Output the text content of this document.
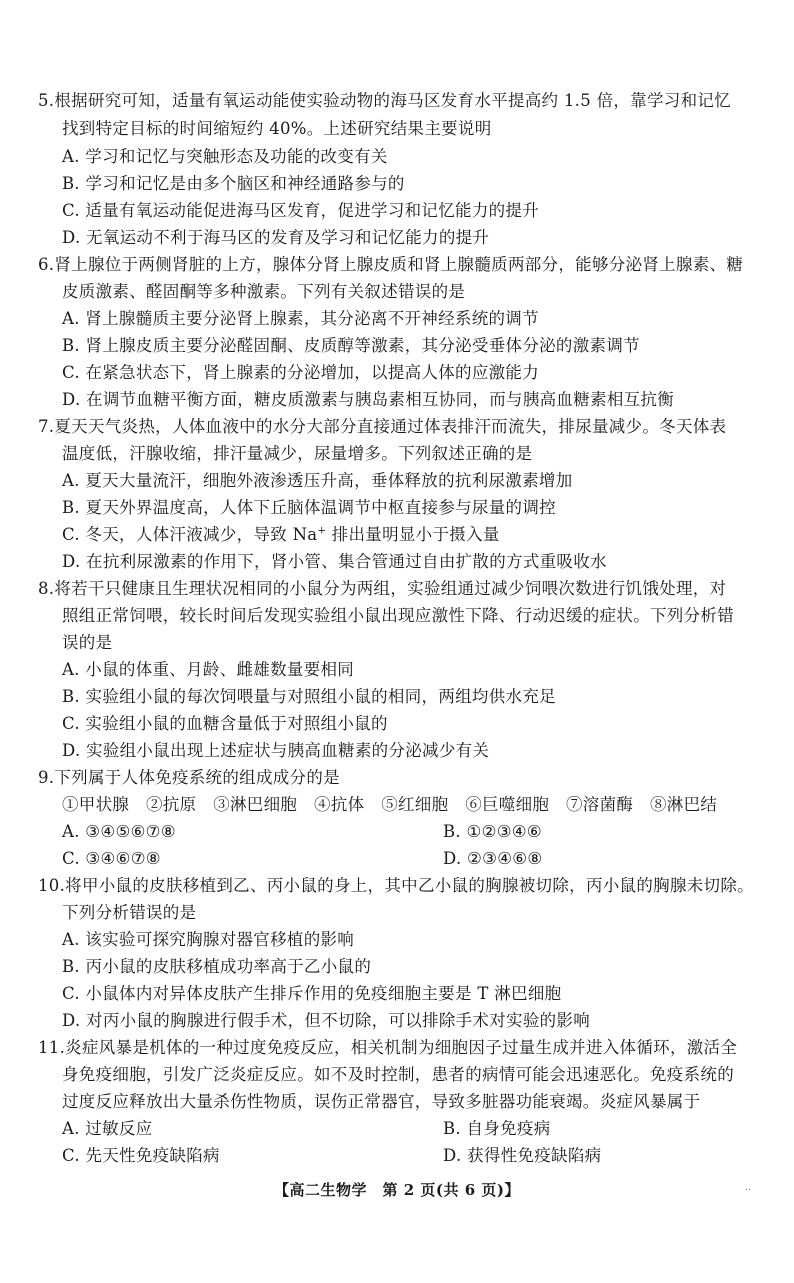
5.根据研究可知，适量有氧运动能使实验动物的海马区发育水平提高约 1.5 倍，靠学习和记忆
找到特定目标的时间缩短约 40%。上述研究结果主要说明
A. 学习和记忆与突触形态及功能的改变有关
B. 学习和记忆是由多个脑区和神经通路参与的
C. 适量有氧运动能促进海马区发育，促进学习和记忆能力的提升
D. 无氧运动不利于海马区的发育及学习和记忆能力的提升
6.肾上腺位于两侧肾脏的上方，腺体分肾上腺皮质和肾上腺髓质两部分，能够分泌肾上腺素、糖
皮质激素、醛固酮等多种激素。下列有关叙述错误的是
A. 肾上腺髓质主要分泌肾上腺素，其分泌离不开神经系统的调节
B. 肾上腺皮质主要分泌醛固酮、皮质醇等激素，其分泌受垂体分泌的激素调节
C. 在紧急状态下，肾上腺素的分泌增加，以提高人体的应激能力
D. 在调节血糖平衡方面，糖皮质激素与胰岛素相互协同，而与胰高血糖素相互抗衡
7.夏天天气炎热，人体血液中的水分大部分直接通过体表排汗而流失，排尿量减少。冬天体表
温度低，汗腺收缩，排汗量减少，尿量增多。下列叙述正确的是
A. 夏天大量流汗，细胞外液渗透压升高，垂体释放的抗利尿激素增加
B. 夏天外界温度高，人体下丘脑体温调节中枢直接参与尿量的调控
C. 冬天，人体汗液减少，导致 Na+ 排出量明显小于摄入量
D. 在抗利尿激素的作用下，肾小管、集合管通过自由扩散的方式重吸收水
8.将若干只健康且生理状况相同的小鼠分为两组，实验组通过减少饲喂次数进行饥饿处理，对
照组正常饲喂，较长时间后发现实验组小鼠出现应激性下降、行动迟缓的症状。下列分析错
误的是
A. 小鼠的体重、月龄、雌雄数量要相同
B. 实验组小鼠的每次饲喂量与对照组小鼠的相同，两组均供水充足
C. 实验组小鼠的血糖含量低于对照组小鼠的
D. 实验组小鼠出现上述症状与胰高血糖素的分泌减少有关
9.下列属于人体免疫系统的组成成分的是
①甲状腺　②抗原　③淋巴细胞　④抗体　⑤红细胞　⑥巨噬细胞　⑦溶菌酶　⑧淋巴结
A. ③④⑤⑥⑦⑧	B. ①②③④⑥
C. ③④⑥⑦⑧	D. ②③④⑥⑧
10.将甲小鼠的皮肤移植到乙、丙小鼠的身上，其中乙小鼠的胸腺被切除，丙小鼠的胸腺未切除。
下列分析错误的是
A. 该实验可探究胸腺对器官移植的影响
B. 丙小鼠的皮肤移植成功率高于乙小鼠的
C. 小鼠体内对异体皮肤产生排斥作用的免疫细胞主要是 T 淋巴细胞
D. 对丙小鼠的胸腺进行假手术，但不切除，可以排除手术对实验的影响
11.炎症风暴是机体的一种过度免疫反应，相关机制为细胞因子过量生成并进入体循环，激活全
身免疫细胞，引发广泛炎症反应。如不及时控制，患者的病情可能会迅速恶化。免疫系统的
过度反应释放出大量杀伤性物质，误伤正常器官，导致多脏器功能衰竭。炎症风暴属于
A. 过敏反应	B. 自身免疫病
C. 先天性免疫缺陷病	D. 获得性免疫缺陷病
【高二生物学　第 2 页(共 6 页)】	··
